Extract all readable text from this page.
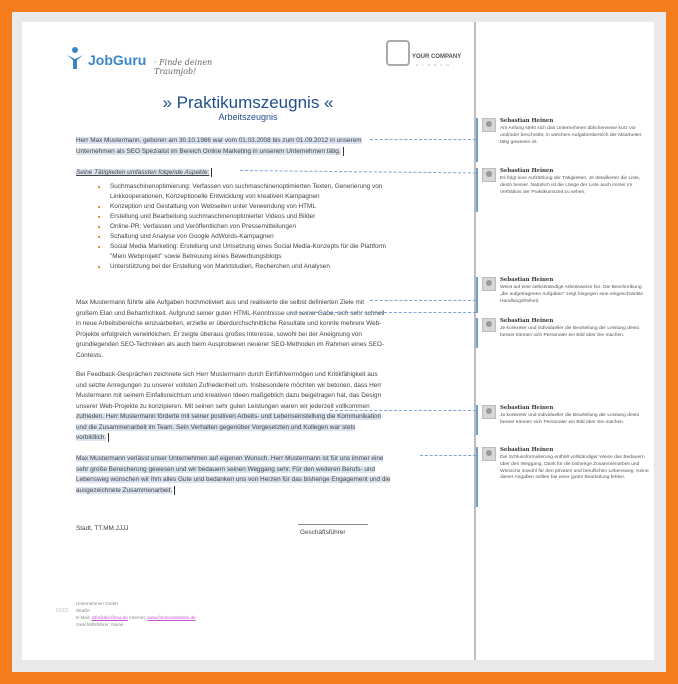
JobGuru · Finde deinen Traumjob!
YOUR COMPANY
SLOGAN
» Praktikumszeugnis «
Arbeitszeugnis
Herr Max Mustermann, geboren am 30.10.1986 war vom 01.03.2008 bis zum 01.09.2012 in unserem
Unternehmen als SEO Spezialist im Bereich Online Marketing in unserem Unternehmen tätig.
Seine Tätigkeiten umfassten folgende Aspekte:
■ Suchmaschinenoptimierung: Verfassen von suchmaschinenoptimierten Texten, Generierung von
Linkkooperationen, Konzeptionelle Entwicklung von kreativen Kampagnen
■ Konzeption und Gestaltung von Webseiten unter Verwendung von HTML
■ Erstellung und Bearbeitung suchmaschinenoptimierter Videos und Bilder
■ Online-PR: Verfassen und Veröffentlichen von Pressemitteilungen
■ Schaltung und Analyse von Google AdWords-Kampagnen
■ Social Media Marketing: Erstellung und Umsetzung eines Social Media-Konzepts für die Plattform
"Mein Webprojekt" sowie Betreuung eines Bewerbungsblogs
■ Unterstützung bei der Erstellung von Marktstudien, Recherchen und Analysen
Max Mustermann führte alle Aufgaben hochmotiviert aus und realisierte die selbst definierten Ziele mit
großem Elan und Beharrlichkeit. Aufgrund seiner guten HTML-Kenntnisse und seiner Gabe, sich sehr schnell
in neue Arbeitsbereiche einzuarbeiten, erzielte er überdurchschnittliche Resultate und konnte mehrere Web-
Projekte erfolgreich verwirklichen. Er zeigte überaus großes Interesse, sowohl bei der Aneignung von
grundlegenden SEO-Techniken als auch beim Ausprobieren neuerer SEO-Methoden im Rahmen eines SEO-
Contests.
Bei Feedback-Gesprächen zeichnete sich Herr Mustermann durch Einfühlvermögen und Kritikfähigkeit aus
und setzte Anregungen zu unserer vollsten Zufriedenheit um. Insbesondere möchten wir betonen, dass Herr
Mustermann mit seinem Einfallsreichtum und kreativen Ideen maßgeblich dazu beigetragen hat, das Design
unserer Web-Projekte zu konzipieren. Mit seinen sehr guten Leistungen waren wir jederzeit vollkommen
zufrieden. Herr Mustermann förderte mit seiner positiven Arbeits- und Lebenseinstellung die Kommunikation
und die Zusammenarbeit im Team. Sein Verhalten gegenüber Vorgesetzten und Kollegen war stets
vorbildlich.
Max Mustermann verlässt unser Unternehmen auf eigenen Wunsch. Herr Mustermann ist für uns immer eine
sehr große Bereicherung gewesen und wir bedauern seinen Weggang sehr. Für den weiteren Berufs- und
Lebensweg wünschen wir ihm alles Gute und bedanken uns von Herzen für das bisherige Engagement und die
ausgezeichnete Zusammenarbeit.
Stadt, TT.MM.JJJJ
Geschäftsführer
Unternehmen GmbH
Straße
E-Mail: info@die-firma.de Internet: www.firmenwebseite.de
Geschäftsführer: Name
01/01
Sebastian Heinen
Am Anfang steht sich das Unternehmen üblicherweise kurz vor und/oder beschreibt, in welchem Aufgabenbereich der Mitarbeiter tätig gewesen ist.
Sebastian Heinen
Es folgt eine Aufzählung der Tätigkeiten. Je detaillierter die Liste, desto besser. Natürlich ist die Länge der Liste auch immer im Verhältnis der Praktikumszeit zu sehen.
Sebastian Heinen
Weist auf eine selbstständige Arbeitsweise hin. Die Beschreibung „die aufgetragenen Aufgaben" zeigt hingegen eine eingeschränkte Handlungsfreiheit.
Sebastian Heinen
Je konkreter und individueller die Beurteilung der Leistung desto besser können sich Personaler ein Bild über Sie machen.
Sebastian Heinen
Je konkreter und individueller die Beurteilung der Leistung desto besser können sich Personaler ein Bild über Sie machen.
Sebastian Heinen
Die Schlussformulierung enthält vollständiger Weise das Bedauern über den Weggang, Dank für die bisherige Zusammenarbeit und Wünsche sowohl für den privaten und beruflichen Lebensweg. Keine dieser Angaben sollten bei einer guten Beurteilung fehlen.
